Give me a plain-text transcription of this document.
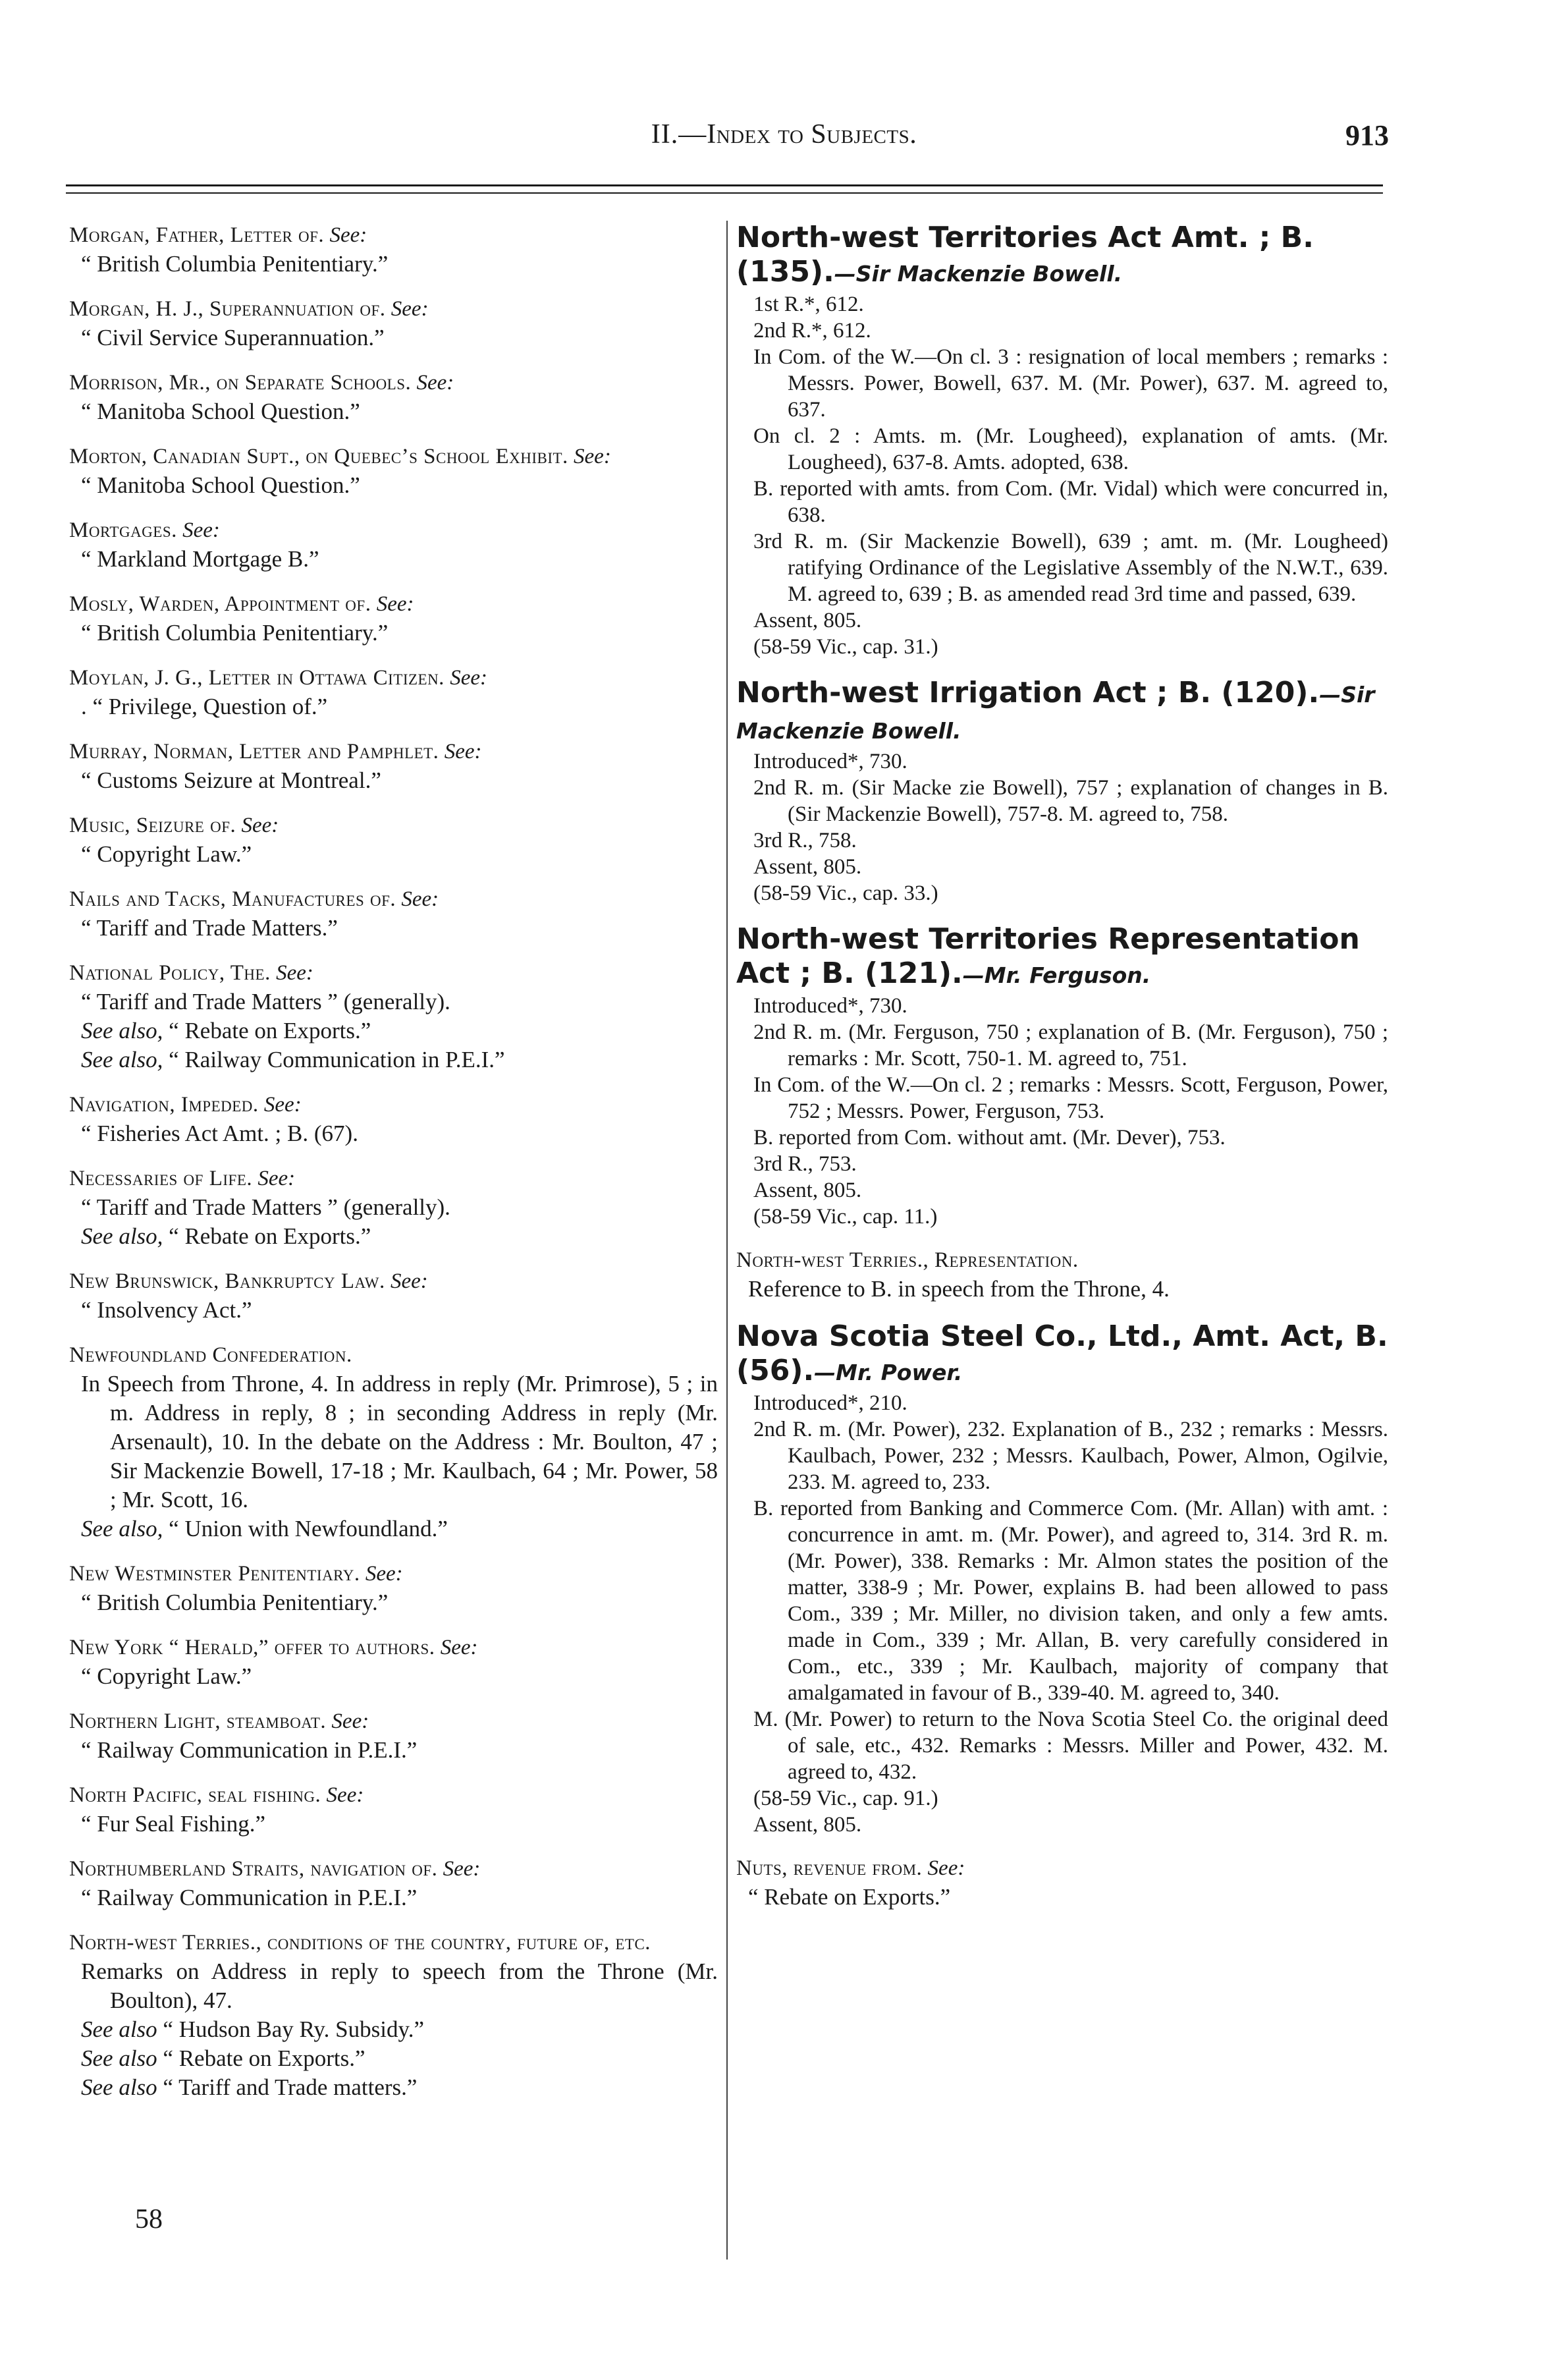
II.—Index to Subjects.	913
Morgan, Father, Letter of. See:
“ British Columbia Penitentiary.”
Morgan, H. J., Superannuation of. See:
“ Civil Service Superannuation.”
Morrison, Mr., on Separate Schools. See:
“ Manitoba School Question.”
Morton, Canadian Supt., on Quebec’s School Exhibit. See:
“ Manitoba School Question.”
Mortgages. See:
“ Markland Mortgage B.”
Mosly, Warden, Appointment of. See:
“ British Columbia Penitentiary.”
Moylan, J. G., Letter in Ottawa Citizen. See:
. “ Privilege, Question of.”
Murray, Norman, Letter and Pamphlet. See:
“ Customs Seizure at Montreal.”
Music, Seizure of. See:
“ Copyright Law.”
Nails and Tacks, Manufactures of. See:
“ Tariff and Trade Matters.”
National Policy, The. See:
“ Tariff and Trade Matters ” (generally).
See also, “ Rebate on Exports.”
See also, “ Railway Communication in P.E.I.”
Navigation, Impeded. See:
“ Fisheries Act Amt. ; B. (67).
Necessaries of Life. See:
“ Tariff and Trade Matters ” (generally).
See also, “ Rebate on Exports.”
New Brunswick, Bankruptcy Law. See:
“ Insolvency Act.”
Newfoundland Confederation.
In Speech from Throne, 4. In address in reply (Mr. Primrose), 5 ; in m. Address in reply, 8 ; in seconding Address in reply (Mr. Arsenault), 10. In the debate on the Address : Mr. Boulton, 47 ; Sir Mackenzie Bowell, 17-18 ; Mr. Kaulbach, 64 ; Mr. Power, 58 ; Mr. Scott, 16.
See also, “ Union with Newfoundland.”
New Westminster Penitentiary. See:
“ British Columbia Penitentiary.”
New York “ Herald,” offer to authors. See:
“ Copyright Law.”
Northern Light, steamboat. See:
“ Railway Communication in P.E.I.”
North Pacific, seal fishing. See:
“ Fur Seal Fishing.”
Northumberland Straits, navigation of. See:
“ Railway Communication in P.E.I.”
North-west Terries., conditions of the country, future of, etc.
Remarks on Address in reply to speech from the Throne (Mr. Boulton), 47.
See also “ Hudson Bay Ry. Subsidy.”
See also “ Rebate on Exports.”
See also “ Tariff and Trade matters.”
North-west Territories Act Amt. ; B. (135).—Sir Mackenzie Bowell.
1st R.*, 612.
2nd R.*, 612.
In Com. of the W.—On cl. 3 : resignation of local members ; remarks : Messrs. Power, Bowell, 637. M. (Mr. Power), 637. M. agreed to, 637.
On cl. 2 : Amts. m. (Mr. Lougheed), explanation of amts. (Mr. Lougheed), 637-8. Amts. adopted, 638.
B. reported with amts. from Com. (Mr. Vidal) which were concurred in, 638.
3rd R. m. (Sir Mackenzie Bowell), 639 ; amt. m. (Mr. Lougheed) ratifying Ordinance of the Legislative Assembly of the N.W.T., 639. M. agreed to, 639 ; B. as amended read 3rd time and passed, 639.
Assent, 805.
(58-59 Vic., cap. 31.)
North-west Irrigation Act ; B. (120).—Sir Mackenzie Bowell.
Introduced*, 730.
2nd R. m. (Sir Macke zie Bowell), 757 ; explanation of changes in B. (Sir Mackenzie Bowell), 757-8. M. agreed to, 758.
3rd R., 758.
Assent, 805.
(58-59 Vic., cap. 33.)
North-west Territories Representation Act ; B. (121).—Mr. Ferguson.
Introduced*, 730.
2nd R. m. (Mr. Ferguson, 750 ; explanation of B. (Mr. Ferguson), 750 ; remarks : Mr. Scott, 750-1. M. agreed to, 751.
In Com. of the W.—On cl. 2 ; remarks : Messrs. Scott, Ferguson, Power, 752 ; Messrs. Power, Ferguson, 753.
B. reported from Com. without amt. (Mr. Dever), 753.
3rd R., 753.
Assent, 805.
(58-59 Vic., cap. 11.)
North-west Terries., Representation.
Reference to B. in speech from the Throne, 4.
Nova Scotia Steel Co., Ltd., Amt. Act, B. (56).—Mr. Power.
Introduced*, 210.
2nd R. m. (Mr. Power), 232. Explanation of B., 232 ; remarks : Messrs. Kaulbach, Power, 232 ; Messrs. Kaulbach, Power, Almon, Ogilvie, 233. M. agreed to, 233.
B. reported from Banking and Commerce Com. (Mr. Allan) with amt. : concurrence in amt. m. (Mr. Power), and agreed to, 314. 3rd R. m. (Mr. Power), 338. Remarks : Mr. Almon states the position of the matter, 338-9 ; Mr. Power, explains B. had been allowed to pass Com., 339 ; Mr. Miller, no division taken, and only a few amts. made in Com., 339 ; Mr. Allan, B. very carefully considered in Com., etc., 339 ; Mr. Kaulbach, majority of company that amalgamated in favour of B., 339-40. M. agreed to, 340.
M. (Mr. Power) to return to the Nova Scotia Steel Co. the original deed of sale, etc., 432. Remarks : Messrs. Miller and Power, 432. M. agreed to, 432.
(58-59 Vic., cap. 91.)
Assent, 805.
Nuts, revenue from. See:
“ Rebate on Exports.”
58
